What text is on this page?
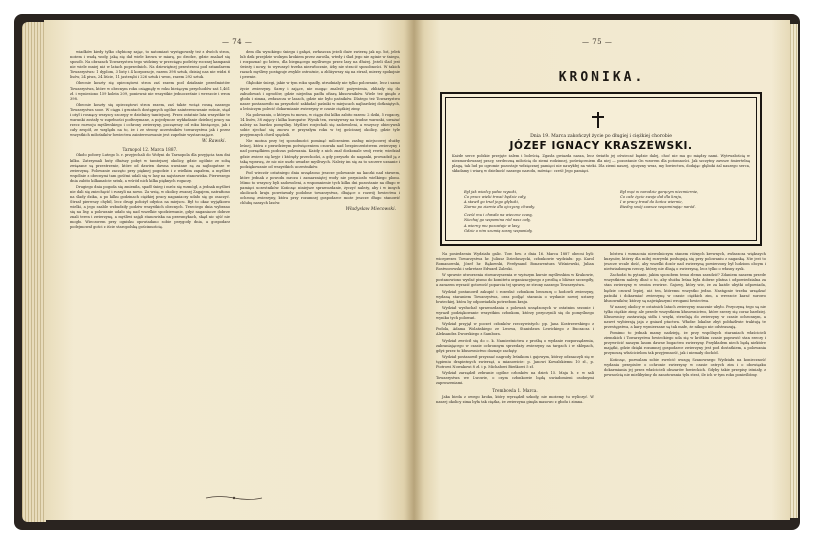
— 74 —

wiadków kiedy tylko chybiony zając, to natomiast występowały też z dwóch stron, nożem i wadą wody, jaką się dał wiele krowa w miarę, po drodze, gdzie znalazł się sposób. Na obrazach Towarzystwa tego widzimy w przeciągu podróży rocznej kampanii nie wiele mniej niż w latach poprzednich. Na dziewiętnej przestrzeni pod sztandarem Towarzystwa: 1 dyplom, 3 listy i 4 korporacje, razem 398 sztuk, dzisiaj nas nie widzi 6 lisów, 24 piwa, 24 liście, 11 jastrzębi i 226 sztuk i wron, razem 292 sztuk.

Obecnie koszty się opieczętowi stron zaś razem pod działanie przedmiotów Towarzystwa, które w obecnym roku osiągnęły w roku bieżącym przychodów zaś 1,461 zł. i wyniesiono 159 kolein 209, ponieważ nie wszystkie jednocześnie i wreszcie i wron 398.

Obecnie koszty się opieczętowi stron razem, zaś także wciąż rosną naszego Towarzystwa sooe. W ciągu i gruntach dostępnych ogólne zainteresowanie rośnie, stąd i ożył i rosnący wszyscy szczepy w dzielnicy tamtejszej. Przez ostatnie lata wszystkie te warunki zostały w zupełności podtrzymane, a pojedyncze wykładanie dzielnej pracy na rzecz rozwoju myśliwskiego i ochrony zwierzyny, począwszy od roku bieżącego, jak i cały zespół, ze względu na to, że i ze strony uczestników towarzystwa jak i przez wszystkich miłośników łowiectwa zainteresowanie jest zupełnie wystarczające.

W. Rawski.
Tarnopol 12. Marca 1887.

Około połowy Lutego b. r. przyjechali do Wołyni do Tarnopola dla przyjęcia tam dni kilku. Zatrzymali huty dłuższy pobyt w tamtejszej okolicy, gdzie ogólnie ze sobą związane są przestrzenie, które od dawien dawna uważane są za najbogatsze w zwierzynę. Polowanie zaczęto przy pięknej pogodzie i z wielkim zapałem, a myśliwi wspólnie z obecnymi tam gośćmi udali się w lasy na najstarsze stanowiska. Pierwszego dnia zabito kilkanaście sztuk, a wśród nich kilka pięknych rogaczy.

Drugiego dnia pogoda się zmieniła, spadł śnieg i mróz się wzmógł, a jednak myśliwi nie dali się zniechęcić i ruszyli na nowo. Za wsią, w okolicy zwanej Zagajem, natrafiono na ślady dzika, a po kilku godzinach ciężkiej pracy naganiaczy udało się go osaczyć. Strzał pierwszy chybił, lecz drugi położył odyńca na miejscu. Był to okaz wyjątkowo wielki, a jego szable wzbudziły podziw wszystkich obecnych. Trzeciego dnia wybrano się na lisy, a polowanie udało się nad wszelkie spodziewanie, gdyż naganiacze dobrze znali teren i zwierzynę, a myśliwi zajęli stanowiska na przesmykach, skąd nic ujść nie mogło. Wieczorem przy ognisku opowiadano sobie przygody dnia, a gospodarz podejmował gości z iście staropolską gościnnością.

dem dla wysokiego śniegu i gałęzi, zwłaszcza jeżeli duże zwierzę jak np. łoś, jeleń lub dzik przejdzie wolnym krokiem przez zarośla, wtedy i ślad jego nie zginie w śniegu, i rozpoznać go łatwo, dla biegnącego myśliwego przez lasy na dłużej. Jeżeli ślad jest świeży i nowy, to wyruszyć trzeba niezwłocznie, iżby nie stracić sposobności. W takich razach myśliwy postępuje zwykle ostrożnie, a zbliżywszy się na strzał, mierzy spokojnie i pewnie.

Głębokie śniegi, jakie w tym roku spadły, utrudniały nie tylko polowanie, lecz i samo życie zwierzyny. Sarny i zające, nie mogąc znaleźć pożywienia, zbliżały się do zabudowań i ogrodów, gdzie niejedna padła ofiarą kłusowników. Wiele też ginęło z głodu i zimna, zwłaszcza w lasach, gdzie nie było paśników. Dlatego też Towarzystwo nasze postanowiło na przyszłość zakładać paśniki w miejscach najbardziej dotkniętych, a leśniczym polecić dokarmianie zwierzyny w czasie ciężkiej zimy.

Na polowaniu, o którym tu mowa, w ciągu dni kilku zabito razem: 2 dziki, 5 rogaczy, 14 lisów, 38 zajęcy i kilka kuropatw. Wynik ten, zważywszy na trudne warunki, uważać należy za bardzo pomyślny. Myśliwi rozjechali się zadowoleni, a wszyscy obiecywali sobie zjechać się znowu w przyszłym roku w tej gościnnej okolicy, gdzie tyle przyjemnych chwil spędzili.

Nie można przy tej sposobności pominąć milczeniem zasług miejscowej służby leśnej, która z prawdziwym poświęceniem czuwała nad bezpieczeństwem zwierzyny i nad porządkiem podczas polowania. Każdy z nich znał doskonale swój rewir, wiedział gdzie zwierz się kryje i którędy przechodzi, a gdy przyszło do naganki, prowadził ją z taką wprawą, że nic nie uszło uwadze myśliwych. Należy im się za to szczere uznanie i podziękowanie od wszystkich uczestników.

Pod wieczór ostatniego dnia urządzono jeszcze polowanie na kaczki nad stawem, które jednak z powodu mrozu i zamarzniętej wody nie przyniosło wielkiego plonu. Mimo to wszyscy byli zadowoleni, a wspomnienie tych kilku dni pozostanie na długo w pamięci uczestników. Kończąc niniejsze sprawozdanie, życzyć należy, aby i w innych okolicach kraju powstawały podobne towarzystwa, dbające o rozwój łowiectwa i ochronę zwierzyny, która przy rozumnej gospodarce może jeszcze długo stanowić chlubę naszych lasów.

Władysław Miecowski.
— 75 —
KRONIKA.
Dnia 19. Marca zakończył życie po długiej i ciężkiej chorobie
JÓZEF IGNACY KRASZEWSKI.
Każde serce polskie przejęte żalem i boleścią. Zgasła gwiazda nasza, lecz światło jej oświecać będzie dalej, choć nie ma go między nami. Wytrwałością w niezmordowanej pracy, serdeczną miłością do ziemi rodzinnej, poświęceniem dla niej — pozostanie On wzorem dla potomności. Jak szczytny zawsze śmiertelną plagą, tak lud po ogromie pozostaje wdzięcznej pamięci nie nawykłej na wieki. Dla ziemi naszej, ojczyzny wraz, my łowiectwa, dodając głęboki żal naszego serca, składamy i wiarę w dzielność naszego narodu, mówiąc: cześć Jego pamięci.
Był jak wiedzy pałac wysoki,
Co przez wieki trwać będzie cały,
A stawił go trud jego głęboki,
Ziarno po ziarnie dla ojczyzny chwały.
Cześć mu i chwała na wieczne czasy,
Niechaj go wspomina ród nasz cały,
A wierny mu pozostaje w lasy,
Gdzie o nim szumią sosny wspaniały.
Był mąż w narodzie gorącym niezmiernie,
Co całe życie swoje dał dla kraju,
I w pracy trwał do końca wiernie,
Biedny swój zawsze wspominając naród.

Na posiedzeniu Wydziału galic. Tow. łow. z dnia 16. Marca 1887 obecni byli: wiceprezes Towarzystwa hr. Juliusz Dzieduszycki, członkowie wydziału: pp. Karol Romanowski, Józef hr. Bąkowski, Ferdynand Bonawentura Wiśniewski, Julian Rostworowski i sekretarz Edward Zaleski.

W sprawie utworzenia stowarzyszenia w wyższym kursie myśliwskim w Krakowie, postanowiono wysłać pismo do komitetu organizacyjnego z prośbą o bliższe szczegóły, a zarazem wyrazić gotowość poparcia tej sprawy ze strony naszego Towarzystwa.

Wydział postanowił zakupić i rozesłać członkom broszurę o hodowli zwierzyny, wydaną staraniem Towarzystwa, oraz podjąć starania o wydanie nowej ustawy łowieckiej, która by odpowiadała potrzebom kraju.

Wydział wysłuchał sprawozdania z polowań urządzonych w ostatnim sezonie i wyraził podziękowanie wszystkim członkom, którzy przyczynili się do pomyślnego wyniku tych polowań.

Wydział przyjął w poczet członków rzeczywistych: pp. Jana Kostrzewskiego z Podola, Adama Wolańskiego ze Lwowa, Stanisława Lewickiego z Buczacza i Aleksandra Dworskiego z Sambora.

Wydział zwrócił się do c. k. Namiestnictwa z prośbą o wydanie rozporządzenia, zabraniającego w czasie ochronnym sprzedaży zwierzyny na targach i w sklepach, gdyż przez to kłusownictwo doznaje zachęty.

Wydział postanowił przyznać nagrody leśnikom i gajowym, którzy odznaczyli się w tępieniu drapieżnych zwierząt, a mianowicie: p. Janowi Kowalskiemu 10 zł., p. Piotrowi Nowakowi 8 zł. i p. Michałowi Bieńkowi 5 zł.

Wydział zarządził zebranie ogólne członków na dzień 15. Maja b. r. w sali Towarzystwa we Lwowie, o czym członkowie będą uwiadomieni osobnymi zaproszeniami.

Trembowla 1. Marca.

Jaka bieda z owego kroku, który wyrządził szkody, nie możemy tu wyliczyć. W naszej okolicy zima była tak ciężka, że zwierzyna ginęła masowo z głodu i zimna.

bóstwa i wzmacnia niewolniczym stanem różnych krewnych, zwłaszcza większych kuzynów, którzy dla miłej rozrywki posługują się przy polowaniu z naganką. Nie jest to jeszcze wcale dość, aby wszelki dozór nad zwierzyną powierzony był ludziom obcym i nieświadomym rzeczy, którzy nie dbają o zwierzynę, lecz tylko o własny zysk.

Zachodzi tu pytanie, jakim sposobem temu złemu zaradzić? Zdaniem naszem przede wszystkiem należy dbać o to, aby służba leśna była dobrze płatna i odpowiedzialna za stan zwierzyny w swoim rewirze. Gajowy, który wie, że za każde ubytki odpowiada, będzie czuwał lepiej, niż ten, któremu wszystko jedno. Następnie trzeba urządzać paśniki i dokarmiać zwierzynę w czasie ciężkich zim, a wreszcie karać surowo kłusowników, którzy są największymi wrogami łowiectwa.

W naszej okolicy w ostatnich latach zwierzyny znacznie ubyło. Przyczyną tego są nie tylko ciężkie zimy, ale przede wszystkiem kłusownictwo, które szerzy się coraz bardziej. Kłusownicy zastawiają sidła i wnyki, strzelają do zwierzyny w czasie ochronnym, a nawet wybierają jaja z gniazd ptactwa. Władze lokalne zbyt pobłażliwie traktują te przestępstwa, a kary wymierzane są tak małe, że nikogo nie odstraszają.

Pomimo to jednak mamy nadzieję, że przy wspólnych staraniach właścicieli ziemskich i Towarzystwa łowieckiego uda się w krótkim czasie poprawić stan rzeczy i przywrócić naszym lasom dawne bogactwo zwierzyny. Przykładem niech będą niektóre majątki, gdzie dzięki rozumnej gospodarce zwierzyny jest pod dostatkiem, a polowania przynoszą właścicielom tak przyjemność, jak i niemały dochód.

Kończąc, pozwalam sobie zwrócić uwagę Szanownego Wydziału na konieczność wydania przepisów o ochronie zwierzyny w czasie ostrych zim i o obowiązku dokarmiania jej przez właścicieli obszarów łowieckich. Gdyby takie przepisy istniały, z pewnością nie mielibyśmy do zanotowania tylu strat, ile ich w tym roku ponieśliśmy.
